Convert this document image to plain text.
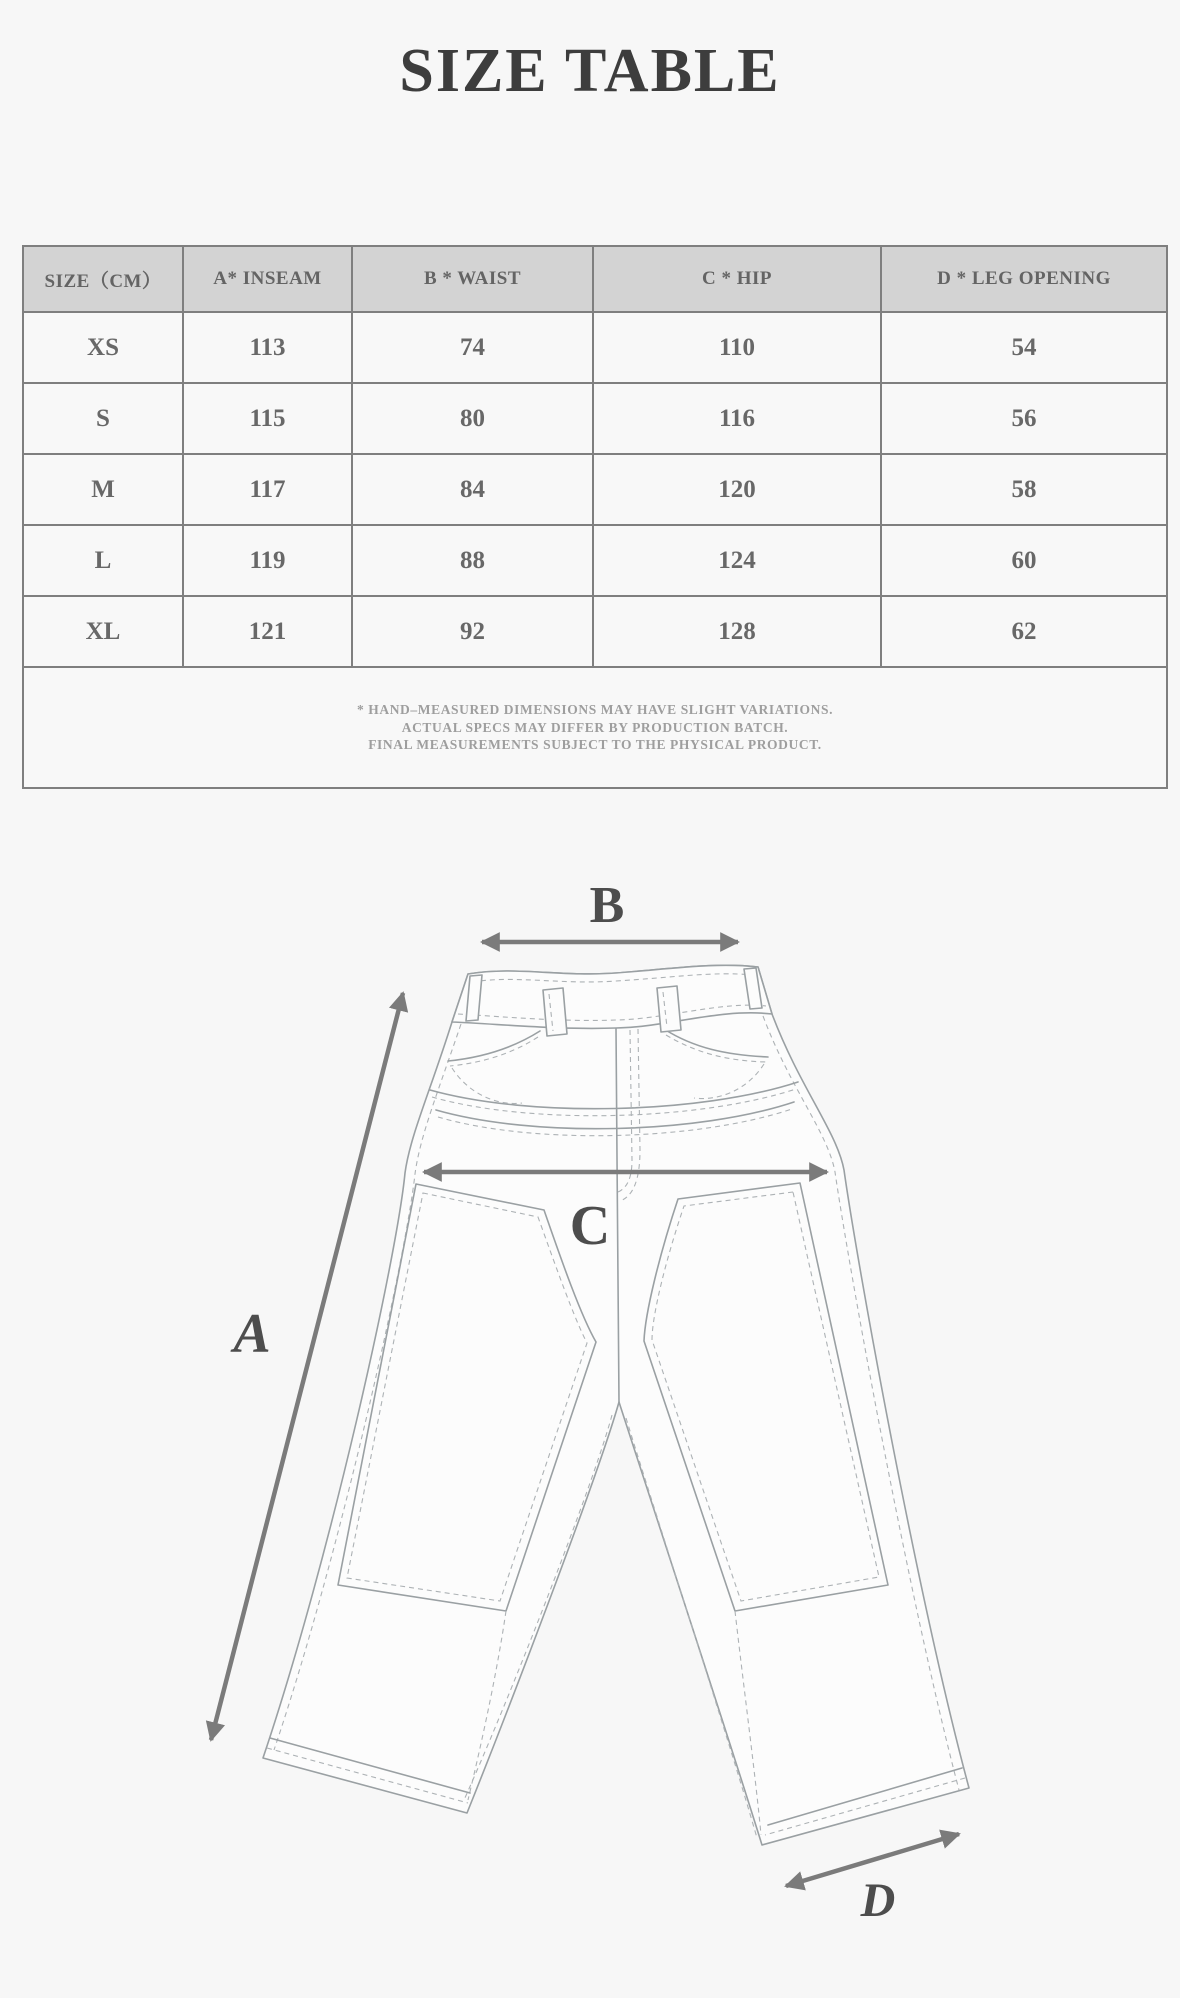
SIZE TABLE
SIZE（CM）	A* INSEAM	B * WAIST	C * HIP	D * LEG OPENING
XS	113	74	110	54
S	115	80	116	56
M	117	84	120	58
L	119	88	124	60
XL	121	92	128	62

* HAND–MEASURED DIMENSIONS MAY HAVE SLIGHT VARIATIONS.

ACTUAL SPECS MAY DIFFER BY PRODUCTION BATCH.

FINAL MEASUREMENTS SUBJECT TO THE PHYSICAL PRODUCT.				

B
A
C
D
